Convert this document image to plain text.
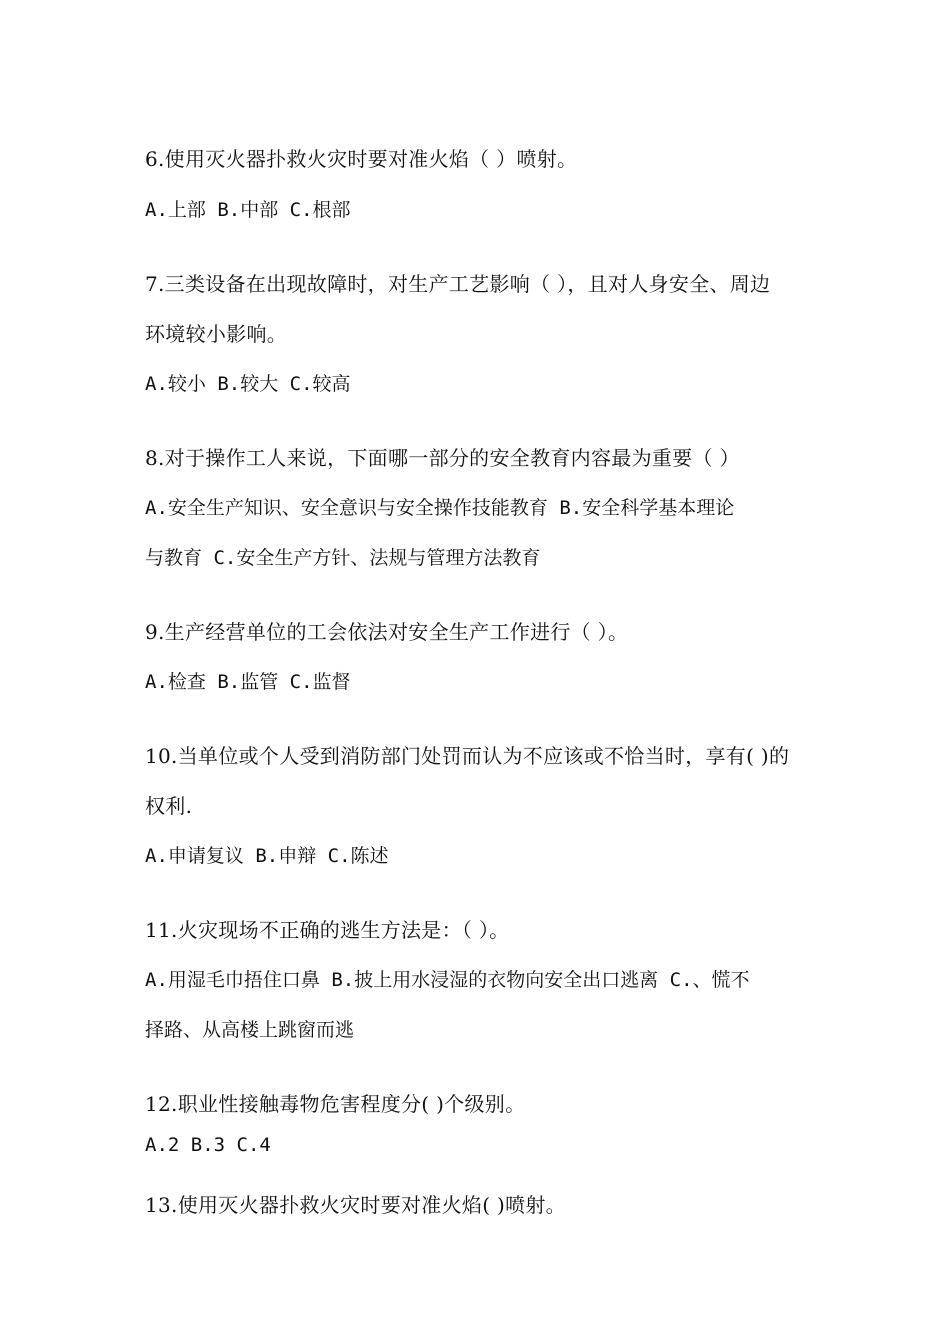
6.使用灭火器扑救火灾时要对准火焰（ ）喷射。
A.上部 B.中部 C.根部
7.三类设备在出现故障时，对生产工艺影响（ ），且对人身安全、周边
环境较小影响。
A.较小 B.较大 C.较高
8.对于操作工人来说，下面哪一部分的安全教育内容最为重要（ ）
A.安全生产知识、安全意识与安全操作技能教育 B.安全科学基本理论
与教育 C.安全生产方针、法规与管理方法教育
9.生产经营单位的工会依法对安全生产工作进行（ ）。
A.检查 B.监管 C.监督
10.当单位或个人受到消防部门处罚而认为不应该或不恰当时，享有( )的
权利.
A.申请复议 B.申辩 C.陈述
11.火灾现场不正确的逃生方法是：（ ）。
A.用湿毛巾捂住口鼻 B.披上用水浸湿的衣物向安全出口逃离 C.、慌不
择路、从高楼上跳窗而逃
12.职业性接触毒物危害程度分( )个级别。
A.2 B.3 C.4
13.使用灭火器扑救火灾时要对准火焰( )喷射。
